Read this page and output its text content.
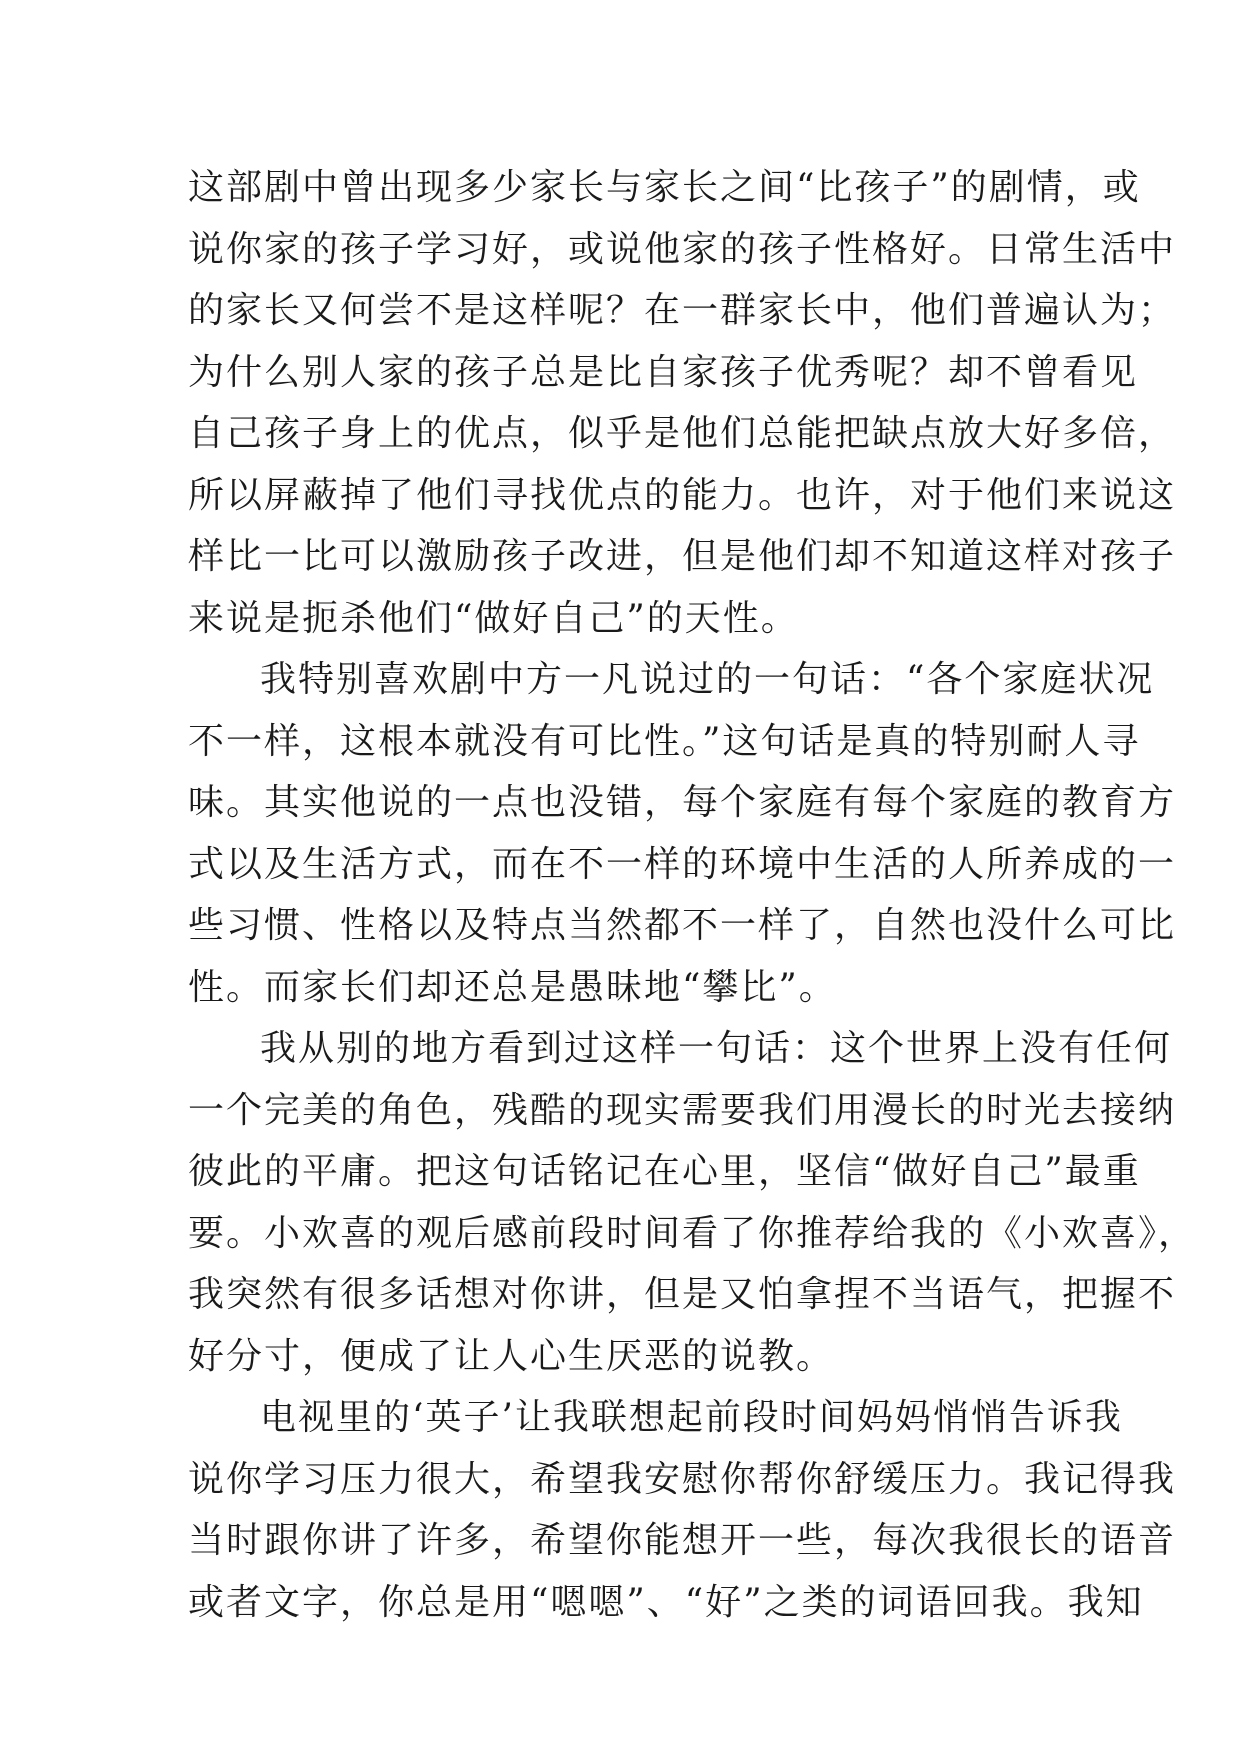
这部剧中曾出现多少家长与家长之间“比孩子”的剧情，或
说你家的孩子学习好，或说他家的孩子性格好。日常生活中
的家长又何尝不是这样呢？在一群家长中，他们普遍认为；
为什么别人家的孩子总是比自家孩子优秀呢？却不曾看见
自己孩子身上的优点，似乎是他们总能把缺点放大好多倍，
所以屏蔽掉了他们寻找优点的能力。也许，对于他们来说这
样比一比可以激励孩子改进，但是他们却不知道这样对孩子
来说是扼杀他们“做好自己”的天性。
我特别喜欢剧中方一凡说过的一句话：“各个家庭状况
不一样，这根本就没有可比性。”这句话是真的特别耐人寻
味。其实他说的一点也没错，每个家庭有每个家庭的教育方
式以及生活方式，而在不一样的环境中生活的人所养成的一
些习惯、性格以及特点当然都不一样了，自然也没什么可比
性。而家长们却还总是愚昧地“攀比”。
我从别的地方看到过这样一句话：这个世界上没有任何
一个完美的角色，残酷的现实需要我们用漫长的时光去接纳
彼此的平庸。把这句话铭记在心里，坚信“做好自己”最重
要。小欢喜的观后感前段时间看了你推荐给我的《小欢喜》，
我突然有很多话想对你讲，但是又怕拿捏不当语气，把握不
好分寸，便成了让人心生厌恶的说教。
电视里的‘英子’让我联想起前段时间妈妈悄悄告诉我
说你学习压力很大，希望我安慰你帮你舒缓压力。我记得我
当时跟你讲了许多，希望你能想开一些，每次我很长的语音
或者文字，你总是用“嗯嗯”、“好”之类的词语回我。我知
